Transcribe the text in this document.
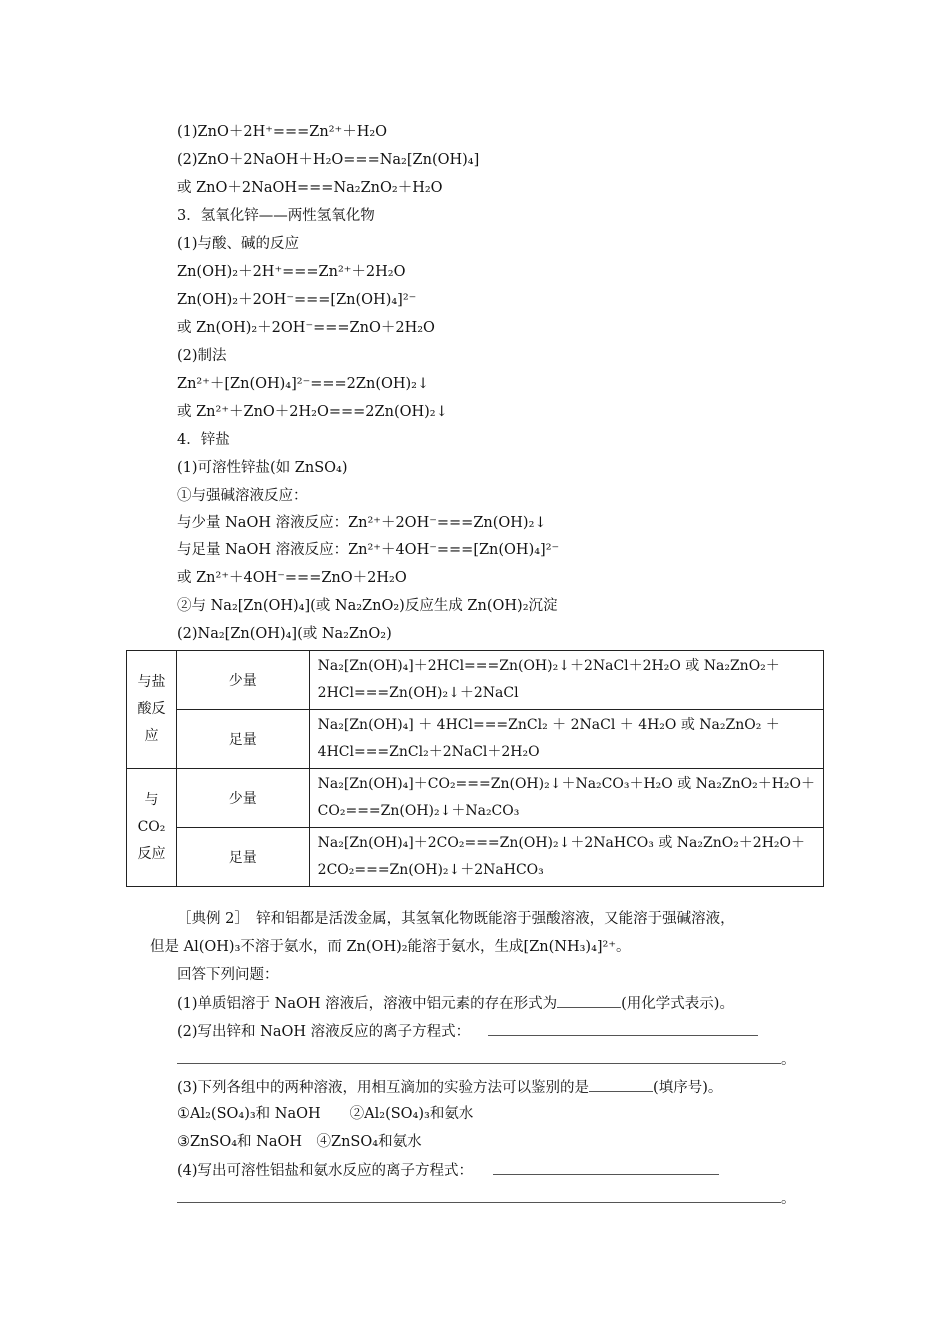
(1)ZnO＋2H⁺===Zn²⁺＋H₂O
(2)ZnO＋2NaOH＋H₂O===Na₂[Zn(OH)₄]
或 ZnO＋2NaOH===Na₂ZnO₂＋H₂O
3．氢氧化锌——两性氢氧化物
(1)与酸、碱的反应
Zn(OH)₂＋2H⁺===Zn²⁺＋2H₂O
Zn(OH)₂＋2OH⁻===[Zn(OH)₄]²⁻
或 Zn(OH)₂＋2OH⁻===ZnO＋2H₂O
(2)制法
Zn²⁺＋[Zn(OH)₄]²⁻===2Zn(OH)₂↓
或 Zn²⁺＋ZnO＋2H₂O===2Zn(OH)₂↓
4．锌盐
(1)可溶性锌盐(如 ZnSO₄)
①与强碱溶液反应：
与少量 NaOH 溶液反应：Zn²⁺＋2OH⁻===Zn(OH)₂↓
与足量 NaOH 溶液反应：Zn²⁺＋4OH⁻===[Zn(OH)₄]²⁻
或 Zn²⁺＋4OH⁻===ZnO＋2H₂O
②与 Na₂[Zn(OH)₄](或 Na₂ZnO₂)反应生成 Zn(OH)₂沉淀
(2)Na₂[Zn(OH)₄](或 Na₂ZnO₂)
与盐
酸反
应	少量	Na₂[Zn(OH)₄]＋2HCl===Zn(OH)₂↓＋2NaCl＋2H₂O 或 Na₂ZnO₂＋
2HCl===Zn(OH)₂↓＋2NaCl

	足量	Na₂[Zn(OH)₄] ＋ 4HCl===ZnCl₂ ＋ 2NaCl ＋ 4H₂O 或 Na₂ZnO₂ ＋
4HCl===ZnCl₂＋2NaCl＋2H₂O

与
CO₂
反应	少量	Na₂[Zn(OH)₄]＋CO₂===Zn(OH)₂↓＋Na₂CO₃＋H₂O 或 Na₂ZnO₂＋H₂O＋
CO₂===Zn(OH)₂↓＋Na₂CO₃

	足量	Na₂[Zn(OH)₄]＋2CO₂===Zn(OH)₂↓＋2NaHCO₃ 或 Na₂ZnO₂＋2H₂O＋
2CO₂===Zn(OH)₂↓＋2NaHCO₃
［典例 2］　锌和铝都是活泼金属，其氢氧化物既能溶于强酸溶液，又能溶于强碱溶液，
但是 Al(OH)₃不溶于氨水，而 Zn(OH)₂能溶于氨水，生成[Zn(NH₃)₄]²⁺。
回答下列问题：
(1)单质铝溶于 NaOH 溶液后，溶液中铝元素的存在形式为	(用化学式表示)。
(2)写出锌和 NaOH 溶液反应的离子方程式：
。
(3)下列各组中的两种溶液，用相互滴加的实验方法可以鉴别的是	(填序号)。
①Al₂(SO₄)₃和 NaOH　　②Al₂(SO₄)₃和氨水
③ZnSO₄和 NaOH　④ZnSO₄和氨水
(4)写出可溶性铝盐和氨水反应的离子方程式：
。
